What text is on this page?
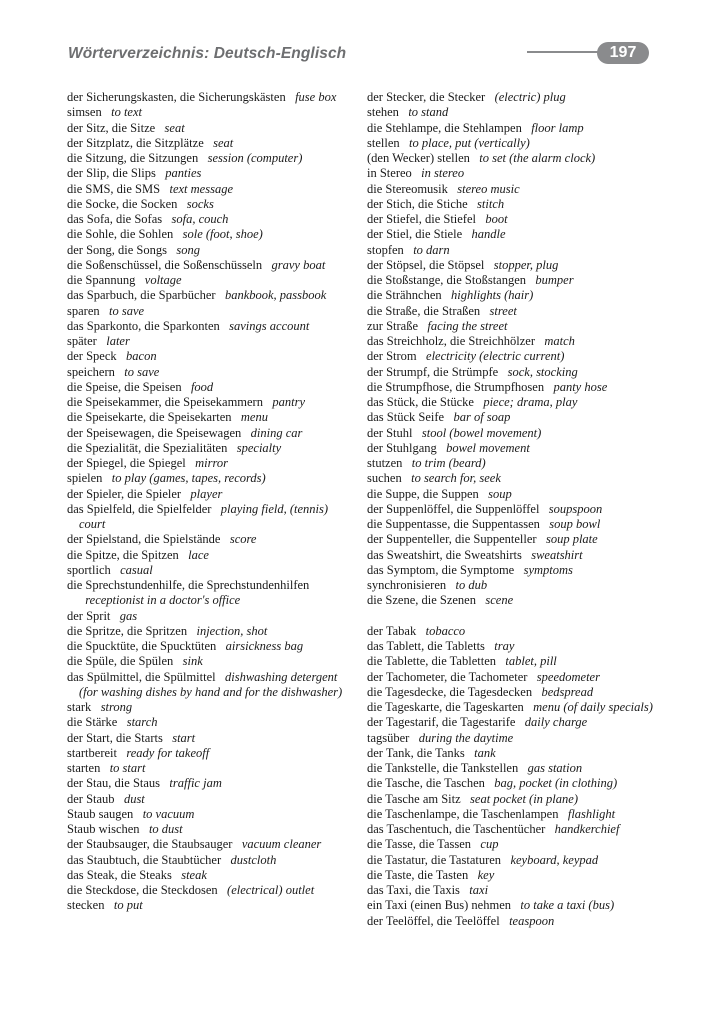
Wörterverzeichnis: Deutsch-Englisch	197
der Sicherungskasten, die Sicherungskästen fuse box
simsen to text
der Sitz, die Sitze seat
der Sitzplatz, die Sitzplätze seat
die Sitzung, die Sitzungen session (computer)
der Slip, die Slips panties
die SMS, die SMS text message
die Socke, die Socken socks
das Sofa, die Sofas sofa, couch
die Sohle, die Sohlen sole (foot, shoe)
der Song, die Songs song
die Soßenschüssel, die Soßenschüsseln gravy boat
die Spannung voltage
das Sparbuch, die Sparbücher bankbook, passbook
sparen to save
das Sparkonto, die Sparkonten savings account
später later
der Speck bacon
speichern to save
die Speise, die Speisen food
die Speisekammer, die Speisekammern pantry
die Speisekarte, die Speisekarten menu
der Speisewagen, die Speisewagen dining car
die Spezialität, die Spezialitäten specialty
der Spiegel, die Spiegel mirror
spielen to play (games, tapes, records)
der Spieler, die Spieler player
das Spielfeld, die Spielfelder playing field, (tennis) court
der Spielstand, die Spielstände score
die Spitze, die Spitzen lace
sportlich casual
die Sprechstundenhilfe, die Sprechstundenhilfen receptionist in a doctor's office
der Sprit gas
die Spritze, die Spritzen injection, shot
die Spucktüte, die Spucktüten airsickness bag
die Spüle, die Spülen sink
das Spülmittel, die Spülmittel dishwashing detergent (for washing dishes by hand and for the dishwasher)
stark strong
die Stärke starch
der Start, die Starts start
startbereit ready for takeoff
starten to start
der Stau, die Staus traffic jam
der Staub dust
Staub saugen to vacuum
Staub wischen to dust
der Staubsauger, die Staubsauger vacuum cleaner
das Staubtuch, die Staubtücher dustcloth
das Steak, die Steaks steak
die Steckdose, die Steckdosen (electrical) outlet
stecken to put
der Stecker, die Stecker (electric) plug
stehen to stand
die Stehlampe, die Stehlampen floor lamp
stellen to place, put (vertically)
(den Wecker) stellen to set (the alarm clock)
in Stereo in stereo
die Stereomusik stereo music
der Stich, die Stiche stitch
der Stiefel, die Stiefel boot
der Stiel, die Stiele handle
stopfen to darn
der Stöpsel, die Stöpsel stopper, plug
die Stoßstange, die Stoßstangen bumper
die Strähnchen highlights (hair)
die Straße, die Straßen street
zur Straße facing the street
das Streichholz, die Streichhölzer match
der Strom electricity (electric current)
der Strumpf, die Strümpfe sock, stocking
die Strumpfhose, die Strumpfhosen panty hose
das Stück, die Stücke piece; drama, play
das Stück Seife bar of soap
der Stuhl stool (bowel movement)
der Stuhlgang bowel movement
stutzen to trim (beard)
suchen to search for, seek
die Suppe, die Suppen soup
der Suppenlöffel, die Suppenlöffel soupspoon
die Suppentasse, die Suppentassen soup bowl
der Suppenteller, die Suppenteller soup plate
das Sweatshirt, die Sweatshirts sweatshirt
das Symptom, die Symptome symptoms
synchronisieren to dub
die Szene, die Szenen scene
der Tabak tobacco
das Tablett, die Tabletts tray
die Tablette, die Tabletten tablet, pill
der Tachometer, die Tachometer speedometer
die Tagesdecke, die Tagesdecken bedspread
die Tageskarte, die Tageskarten menu (of daily specials)
der Tagestarif, die Tagestarife daily charge
tagsüber during the daytime
der Tank, die Tanks tank
die Tankstelle, die Tankstellen gas station
die Tasche, die Taschen bag, pocket (in clothing)
die Tasche am Sitz seat pocket (in plane)
die Taschenlampe, die Taschenlampen flashlight
das Taschentuch, die Taschentücher handkerchief
die Tasse, die Tassen cup
die Tastatur, die Tastaturen keyboard, keypad
die Taste, die Tasten key
das Taxi, die Taxis taxi
ein Taxi (einen Bus) nehmen to take a taxi (bus)
der Teelöffel, die Teelöffel teaspoon
